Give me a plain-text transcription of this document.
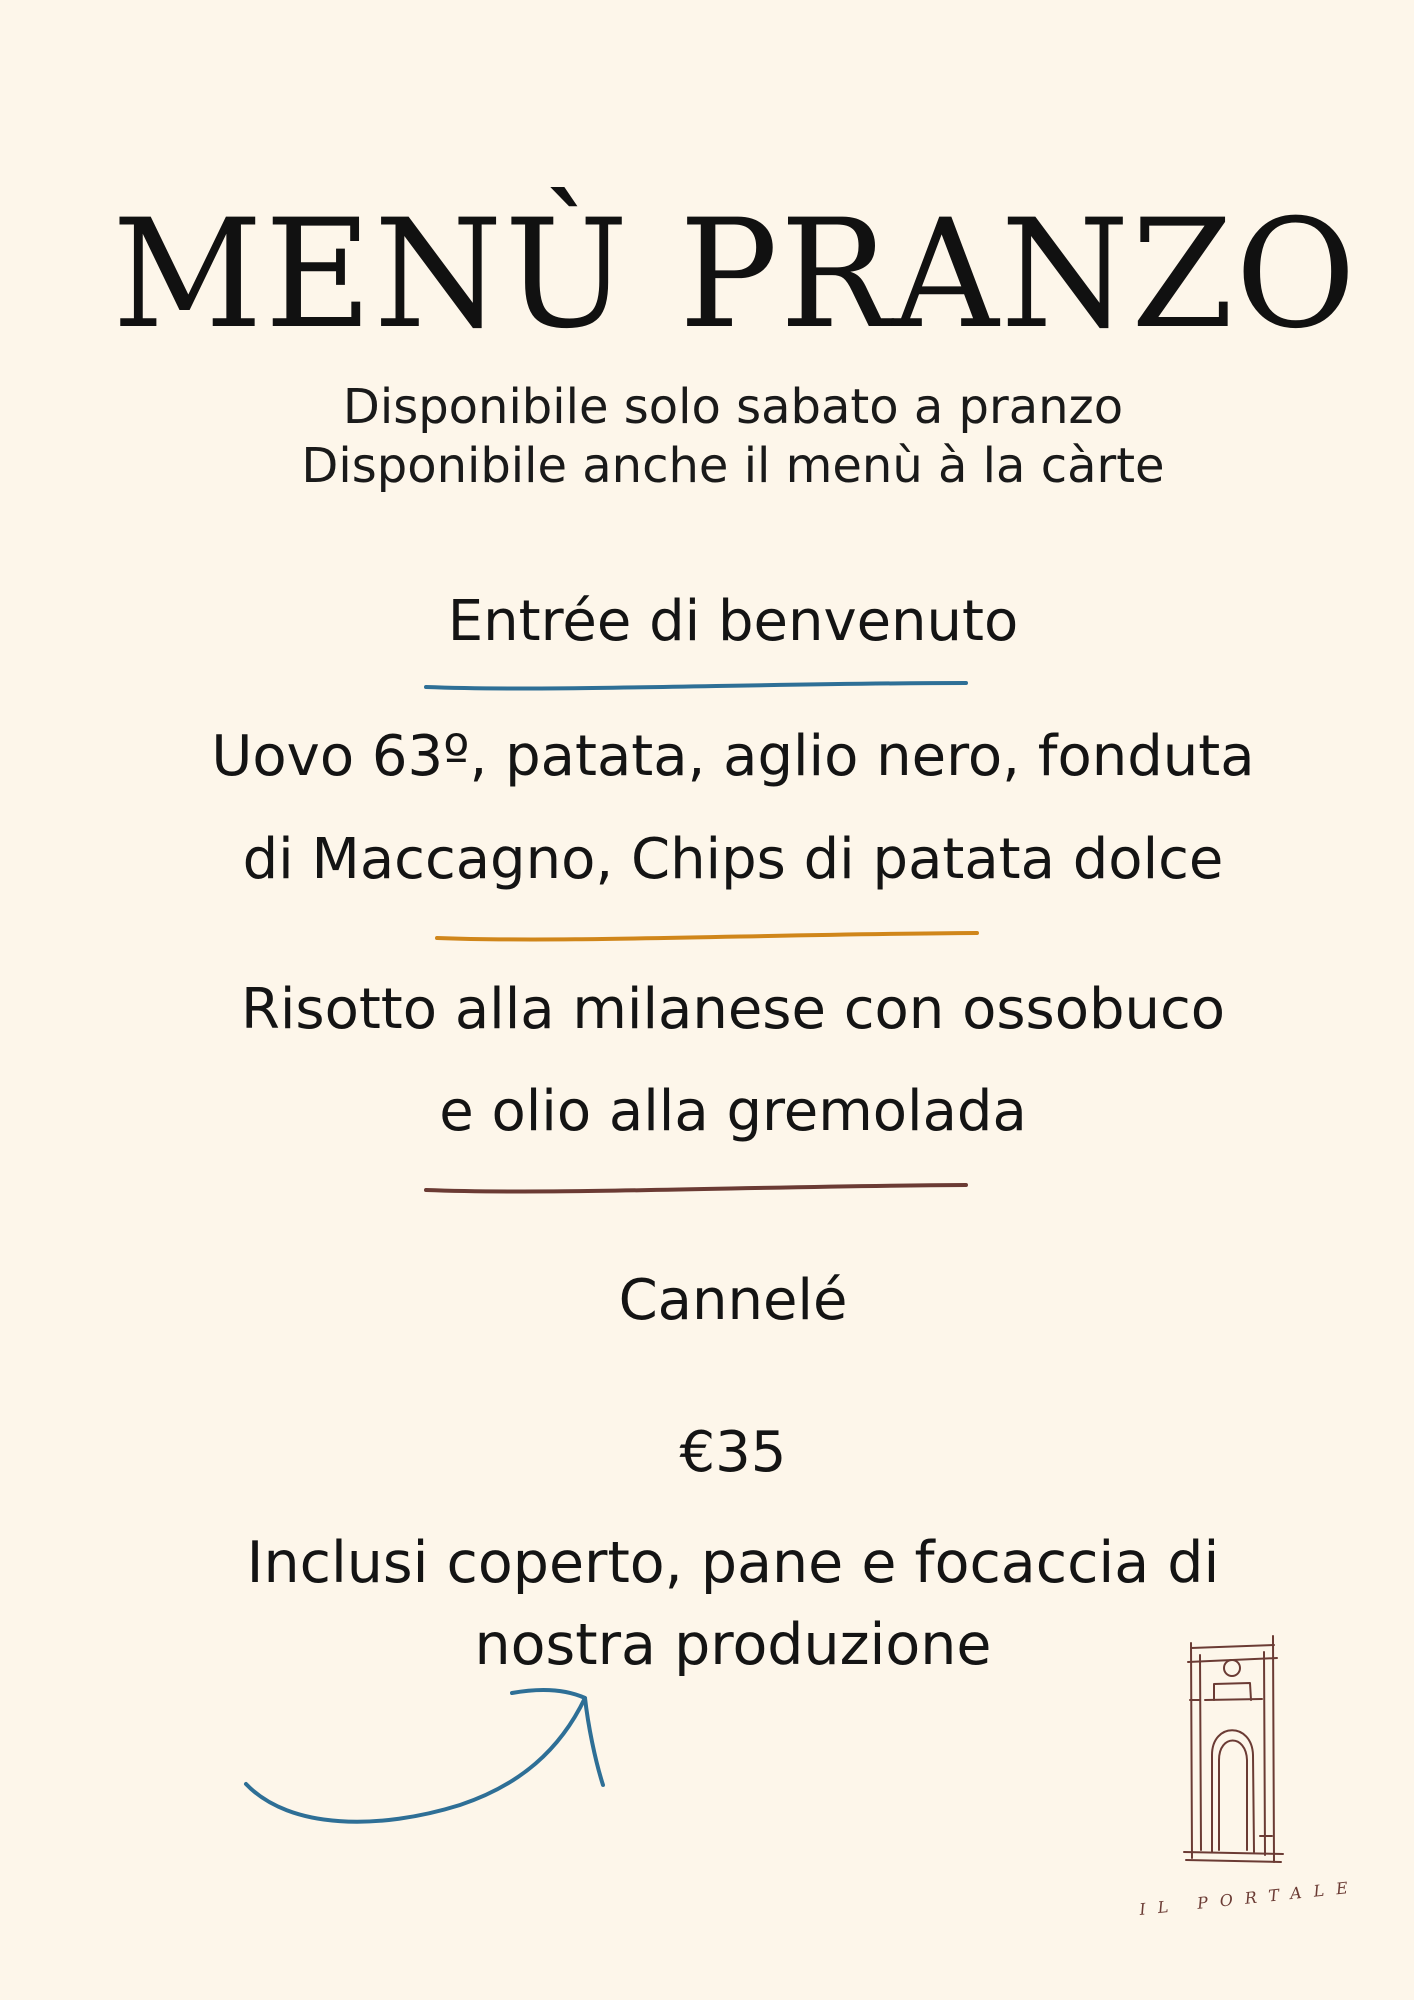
MENÙ PRANZO
Disponibile solo sabato a pranzo
Disponibile anche il menù à la càrte
Entrée di benvenuto
Uovo 63º, patata, aglio nero, fonduta
di Maccagno, Chips di patata dolce
Risotto alla milanese con ossobuco
e olio alla gremolada
Cannelé
€35
Inclusi coperto, pane e focaccia di
nostra produzione
IL PORTALE
